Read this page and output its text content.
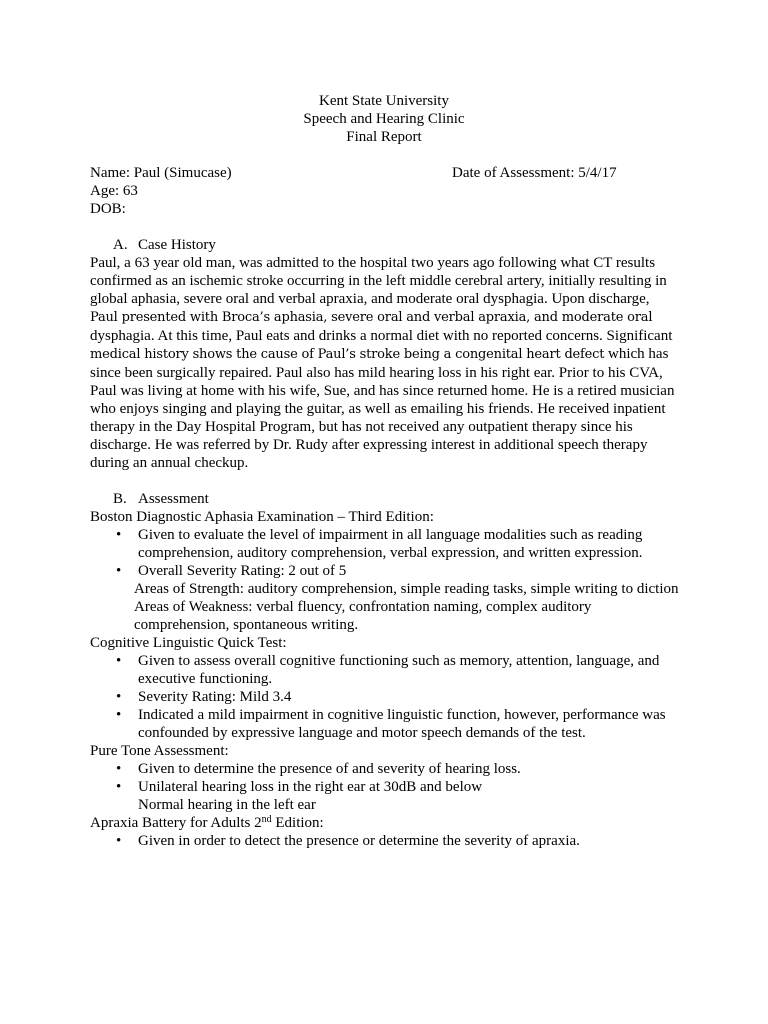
Kent State University
Speech and Hearing Clinic
Final Report
Name: Paul (Simucase)	Date of Assessment: 5/4/17
Age: 63
DOB:
A. Case History
Paul, a 63 year old man, was admitted to the hospital two years ago following what CT results confirmed as an ischemic stroke occurring in the left middle cerebral artery, initially resulting in global aphasia, severe oral and verbal apraxia, and moderate oral dysphagia. Upon discharge, Paul presented with Broca’s aphasia, severe oral and verbal apraxia, and moderate oral dysphagia. At this time, Paul eats and drinks a normal diet with no reported concerns. Significant medical history shows the cause of Paul’s stroke being a congenital heart defect which has since been surgically repaired. Paul also has mild hearing loss in his right ear. Prior to his CVA, Paul was living at home with his wife, Sue, and has since returned home. He is a retired musician who enjoys singing and playing the guitar, as well as emailing his friends. He received inpatient therapy in the Day Hospital Program, but has not received any outpatient therapy since his discharge. He was referred by Dr. Rudy after expressing interest in additional speech therapy during an annual checkup.
B. Assessment
Boston Diagnostic Aphasia Examination – Third Edition:
• Given to evaluate the level of impairment in all language modalities such as reading comprehension, auditory comprehension, verbal expression, and written expression.
• Overall Severity Rating: 2 out of 5
Areas of Strength: auditory comprehension, simple reading tasks, simple writing to diction
Areas of Weakness: verbal fluency, confrontation naming, complex auditory comprehension, spontaneous writing.
Cognitive Linguistic Quick Test:
• Given to assess overall cognitive functioning such as memory, attention, language, and executive functioning.
• Severity Rating: Mild 3.4
• Indicated a mild impairment in cognitive linguistic function, however, performance was confounded by expressive language and motor speech demands of the test.
Pure Tone Assessment:
• Given to determine the presence of and severity of hearing loss.
• Unilateral hearing loss in the right ear at 30dB and below
Normal hearing in the left ear
Apraxia Battery for Adults 2nd Edition:
• Given in order to detect the presence or determine the severity of apraxia.
